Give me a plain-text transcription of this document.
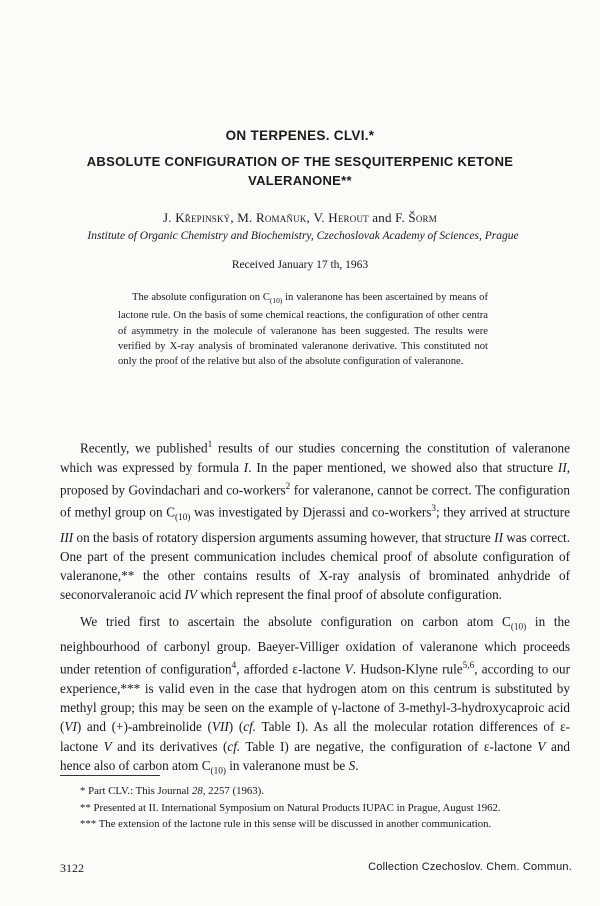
ON TERPENES. CLVI.*
ABSOLUTE CONFIGURATION OF THE SESQUITERPENIC KETONE VALERANONE**
J. Křepinský, M. Romaňuk, V. Herout and F. Šorm
Institute of Organic Chemistry and Biochemistry, Czechoslovak Academy of Sciences, Prague
Received January 17 th, 1963

The absolute configuration on $C_{(10)}$ in valeranone has been ascertained by means of lactone rule. On the basis of some chemical reactions, the configuration of other centra of asymmetry in the molecule of valeranone has been suggested. The results were verified by X-ray analysis of brominated valeranone derivative. This constituted not only the proof of the relative but also of the absolute configuration of valeranone.

Recently, we published$^1$ results of our studies concerning the constitution of valeranone which was expressed by formula I. In the paper mentioned, we showed also that structure II, proposed by Govindachari and co-workers$^2$ for valeranone, cannot be correct. The configuration of methyl group on $C_{(10)}$ was investigated by Djerassi and co-workers$^3$; they arrived at structure III on the basis of rotatory dispersion arguments assuming however, that structure II was correct. One part of the present communication includes chemical proof of absolute configuration of valeranone,** the other contains results of X-ray analysis of brominated anhydride of seconorvaleranoic acid IV which represent the final proof of absolute configuration.

We tried first to ascertain the absolute configuration on carbon atom $C_{(10)}$ in the neighbourhood of carbonyl group. Baeyer-Villiger oxidation of valeranone which proceeds under retention of configuration$^4$, afforded ε-lactone V. Hudson-Klyne rule$^{5,6}$, according to our experience,*** is valid even in the case that hydrogen atom on this centrum is substituted by methyl group; this may be seen on the example of γ-lactone of 3-methyl-3-hydroxycaproic acid (VI) and (+)-ambreinolide (VII) (cf. Table I). As all the molecular rotation differences of ε-lactone V and its derivatives (cf. Table I) are negative, the configuration of ε-lactone V and hence also of carbon atom $C_{(10)}$ in valeranone must be S.

* Part CLV.: This Journal 28, 2257 (1963).

** Presented at II. International Symposium on Natural Products IUPAC in Prague, August 1962.

*** The extension of the lactone rule in this sense will be discussed in another communication.

3122	Collection Czechoslov. Chem. Commun.
